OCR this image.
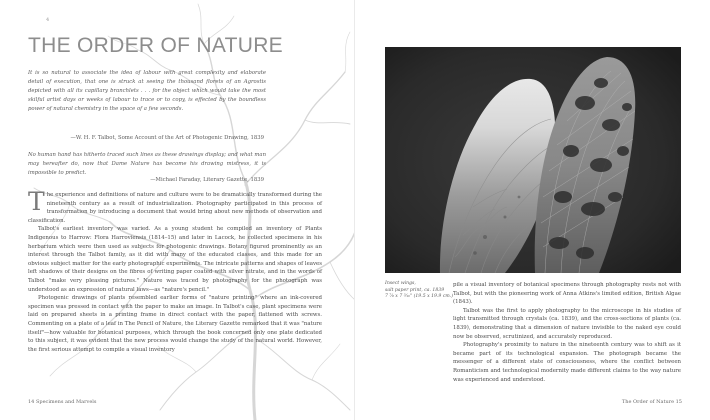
4
THE ORDER OF NATURE

It is so natural to associate the idea of labour with great complexity and elaborate detail of execution, that one is struck at seeing the thousand florets of an Agrostis depicted with all its capillary branchlets . . . for the object which would take the most skilful artist days or weeks of labour to trace or to copy, is effected by the boundless power of natural chemistry in the space of a few seconds.

—W. H. F. Talbot, Some Account of the Art of Photogenic Drawing, 1839

No human hand has hitherto traced such lines as these drawings display; and what man may hereafter do, now that Dame Nature has become his drawing mistress, it is impossible to predict.

—Michael Faraday, Literary Gazette, 1839

The experience and definitions of nature and culture were to be dramatically transformed during the nineteenth century as a result of industrialization. Photography participated in this process of transformation by introducing a document that would bring about new methods of observation and classification.

Talbot's earliest inventory was varied. As a young student he compiled an inventory of Plants Indigenous to Harrow: Flora Harroviensis (1814–15) and later in Lacock, he collected specimens in his herbarium which were then used as subjects for photogenic drawings. Botany figured prominently as an interest through the Talbot family, as it did with many of the educated classes, and this made for an obvious subject matter for the early photographic experiments. The intricate patterns and shapes of leaves left shadows of their designs on the fibres of writing paper coated with silver nitrate, and in the words of Talbot "make very pleasing pictures." Nature was traced by photography for the photograph was understood as an expression of natural laws—as "nature's pencil."

Photogenic drawings of plants resembled earlier forms of "nature printing" where an ink-covered specimen was pressed in contact with the paper to make an image. In Talbot's case, plant specimens were laid on prepared sheets in a printing frame in direct contact with the paper, flattened with screws. Commenting on a plate of a leaf in The Pencil of Nature, the Literary Gazette remarked that it was "nature itself"—how valuable for botanical purposes, which through the book concerned only one plate dedicated to this subject, it was evident that the new process would change the study of the natural world. However, the first serious attempt to compile a visual inventory

14 Specimens and Marvels
Insect wings,
salt paper print, ca. 1839
7 ⅞ x 7 ⁵⁄₁₆" (19.5 x 19.9 cm.)

pile a visual inventory of botanical specimens through photography rests not with Talbot, but with the pioneering work of Anna Atkins's limited edition, British Algae (1843).

Talbot was the first to apply photography to the microscope in his studies of light transmitted through crystals (ca. 1839), and the cross-sections of plants (ca. 1839), demonstrating that a dimension of nature invisible to the naked eye could now be observed, scrutinized, and accurately reproduced.

Photography's proximity to nature in the nineteenth century was to shift as it became part of its technological expansion. The photograph became the messenger of a different state of consciousness, where the conflict between Romanticism and technological modernity made different claims to the way nature was experienced and understood.

The Order of Nature 15
